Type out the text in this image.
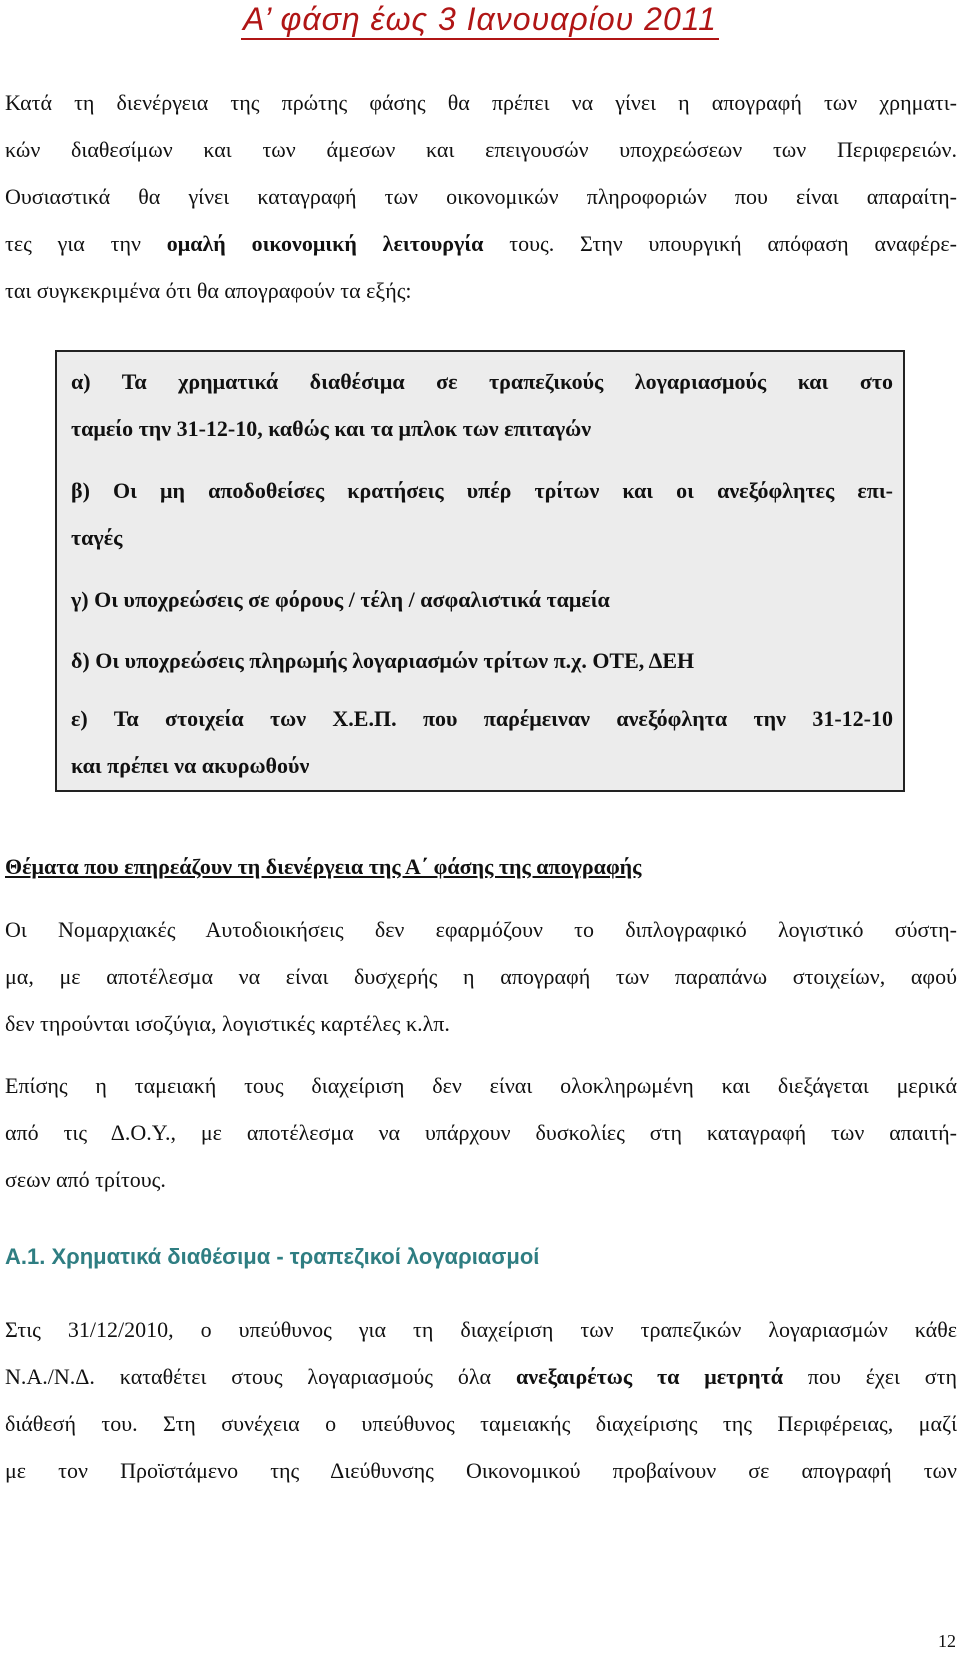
Α’ φάση έως 3 Ιανουαρίου 2011
Κατά τη διενέργεια της πρώτης φάσης θα πρέπει να γίνει η απογραφή των χρηματι-
κών διαθεσίμων και των άμεσων και επειγουσών υποχρεώσεων των Περιφερειών.
Ουσιαστικά θα γίνει καταγραφή των οικονομικών πληροφοριών που είναι απαραίτη-
τες για την ομαλή οικονομική λειτουργία τους. Στην υπουργική απόφαση αναφέρε-
ται συγκεκριμένα ότι θα απογραφούν τα εξής:
α) Τα χρηματικά διαθέσιμα σε τραπεζικούς λογαριασμούς και στο
ταμείο την 31-12-10, καθώς και τα μπλοκ των επιταγών
β) Οι μη αποδοθείσες κρατήσεις υπέρ τρίτων και οι ανεξόφλητες επι-
ταγές
γ) Οι υποχρεώσεις σε φόρους / τέλη / ασφαλιστικά ταμεία
δ) Οι υποχρεώσεις πληρωμής λογαριασμών τρίτων π.χ. ΟΤΕ, ΔΕΗ
ε) Τα στοιχεία των Χ.Ε.Π. που παρέμειναν ανεξόφλητα την 31-12-10
και πρέπει να ακυρωθούν
Θέματα που επηρεάζουν τη διενέργεια της Α΄ φάσης της απογραφής
Οι Νομαρχιακές Αυτοδιοικήσεις δεν εφαρμόζουν το διπλογραφικό λογιστικό σύστη-
μα, με αποτέλεσμα να είναι δυσχερής η απογραφή των παραπάνω στοιχείων, αφού
δεν τηρούνται ισοζύγια, λογιστικές καρτέλες κ.λπ.
Επίσης η ταμειακή τους διαχείριση δεν είναι ολοκληρωμένη και διεξάγεται μερικά
από τις Δ.Ο.Υ., με αποτέλεσμα να υπάρχουν δυσκολίες στη καταγραφή των απαιτή-
σεων από τρίτους.
Α.1. Χρηματικά διαθέσιμα - τραπεζικοί λογαριασμοί
Στις 31/12/2010, ο υπεύθυνος για τη διαχείριση των τραπεζικών λογαριασμών κάθε
Ν.Α./Ν.Δ. καταθέτει στους λογαριασμούς όλα ανεξαιρέτως τα μετρητά που έχει στη
διάθεσή του. Στη συνέχεια ο υπεύθυνος ταμειακής διαχείρισης της Περιφέρειας, μαζί
με τον Προϊστάμενο της Διεύθυνσης Οικονομικού προβαίνουν σε απογραφή των
12
